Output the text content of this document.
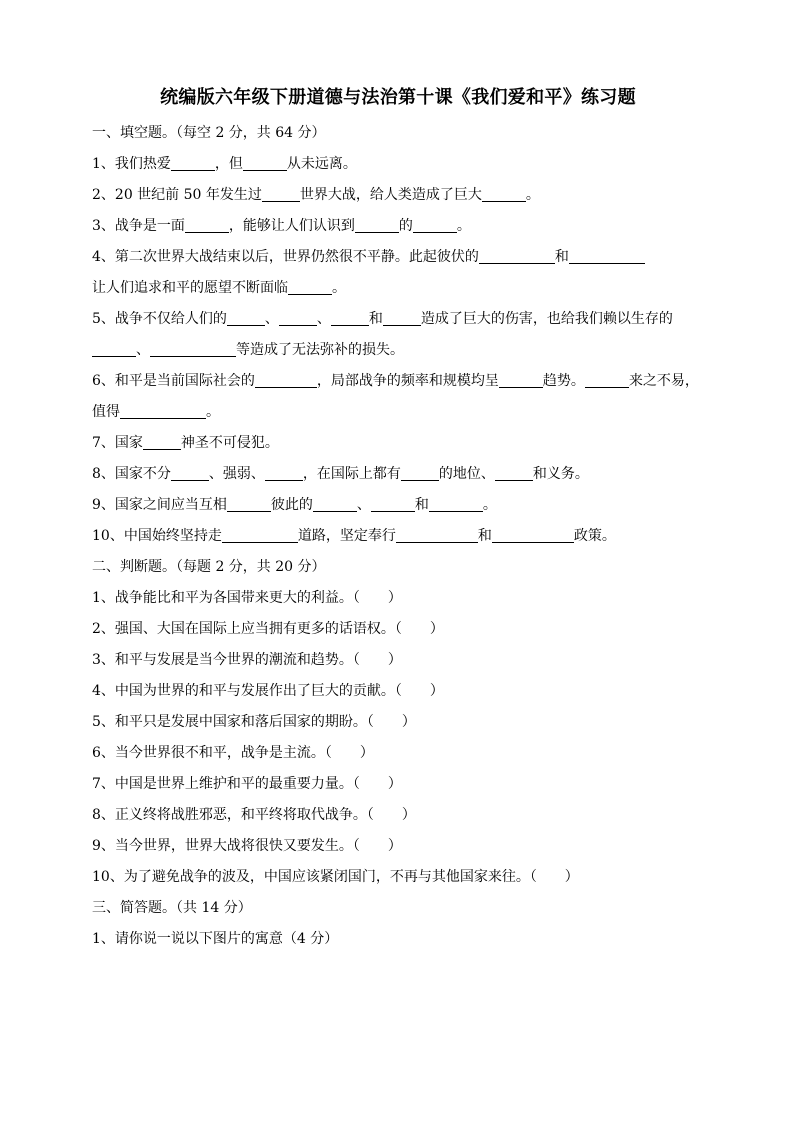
统编版六年级下册道德与法治第十课《我们爱和平》练习题
一、填空题。（每空 2 分，共 64 分）
1、我们热爱	，但	从未远离。
2、20 世纪前 50 年发生过	世界大战，给人类造成了巨大	。
3、战争是一面	，能够让人们认识到	的	。
4、第二次世界大战结束以后，世界仍然很不平静。此起彼伏的	和
让人们追求和平的愿望不断面临	。
5、战争不仅给人们的	、	、	和	造成了巨大的伤害，也给我们赖以生存的、	等造成了无法弥补的损失。
6、和平是当前国际社会的	，局部战争的频率和规模均呈	趋势。	来之不易，值得	。
7、国家	神圣不可侵犯。
8、国家不分	、强弱、	，在国际上都有	的地位、	和义务。
9、国家之间应当互相	彼此的	、	和	。
10、中国始终坚持走	道路，坚定奉行	和	政策。
二、判断题。（每题 2 分，共 20 分）
1、战争能比和平为各国带来更大的利益。（　　）
2、强国、大国在国际上应当拥有更多的话语权。（　　）
3、和平与发展是当今世界的潮流和趋势。（　　）
4、中国为世界的和平与发展作出了巨大的贡献。（　　）
5、和平只是发展中国家和落后国家的期盼。（　　）
6、当今世界很不和平，战争是主流。（　　）
7、中国是世界上维护和平的最重要力量。（　　）
8、正义终将战胜邪恶，和平终将取代战争。（　　）
9、当今世界，世界大战将很快又要发生。（　　）
10、为了避免战争的波及，中国应该紧闭国门，不再与其他国家来往。（　　）
三、简答题。（共 14 分）
1、请你说一说以下图片的寓意（4 分）
